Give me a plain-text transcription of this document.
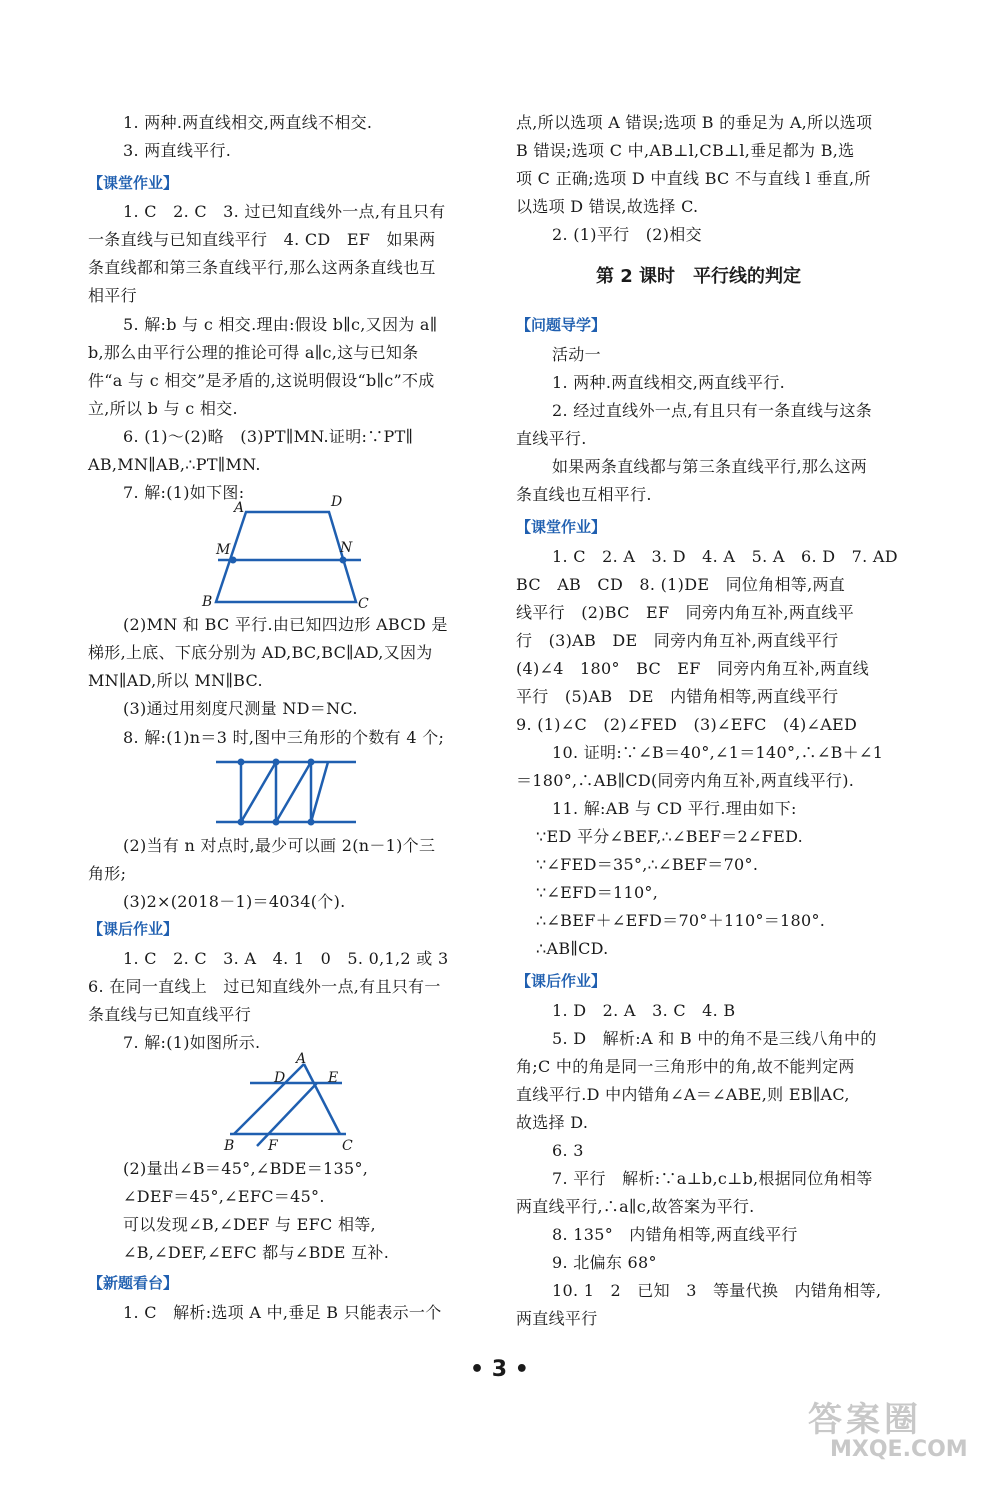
1. 两种.两直线相交,两直线不相交.
3. 两直线平行.
【课堂作业】
1. C　2. C　3. 过已知直线外一点,有且只有
一条直线与已知直线平行　4. CD　EF　如果两
条直线都和第三条直线平行,那么这两条直线也互
相平行
5. 解:b 与 c 相交.理由:假设 b∥c,又因为 a∥
b,那么由平行公理的推论可得 a∥c,这与已知条
件“a 与 c 相交”是矛盾的,这说明假设“b∥c”不成
立,所以 b 与 c 相交.
6. (1)～(2)略　(3)PT∥MN.证明:∵PT∥
AB,MN∥AB,∴PT∥MN.
7. 解:(1)如下图:
A	D
M	N
B	C
(2)MN 和 BC 平行.由已知四边形 ABCD 是
梯形,上底、下底分别为 AD,BC,BC∥AD,又因为
MN∥AD,所以 MN∥BC.
(3)通过用刻度尺测量 ND＝NC.
8. 解:(1)n＝3 时,图中三角形的个数有 4 个;
(2)当有 n 对点时,最少可以画 2(n－1)个三
角形;
(3)2×(2018－1)＝4034(个).
【课后作业】
1. C　2. C　3. A　4. 1　0　5. 0,1,2 或 3
6. 在同一直线上　过已知直线外一点,有且只有一
条直线与已知直线平行
7. 解:(1)如图所示.
A
D	E
B F	C
(2)量出∠B＝45°,∠BDE＝135°,
∠DEF＝45°,∠EFC＝45°.
可以发现∠B,∠DEF 与 EFC 相等,
∠B,∠DEF,∠EFC 都与∠BDE 互补.
【新题看台】
1. C　解析:选项 A 中,垂足 B 只能表示一个
点,所以选项 A 错误;选项 B 的垂足为 A,所以选项
B 错误;选项 C 中,AB⊥l,CB⊥l,垂足都为 B,选
项 C 正确;选项 D 中直线 BC 不与直线 l 垂直,所
以选项 D 错误,故选择 C.
2. (1)平行　(2)相交
第 2 课时　平行线的判定
【问题导学】
活动一
1. 两种.两直线相交,两直线平行.
2. 经过直线外一点,有且只有一条直线与这条
直线平行.
如果两条直线都与第三条直线平行,那么这两
条直线也互相平行.
【课堂作业】
1. C　2. A　3. D　4. A　5. A　6. D　7. AD
BC　AB　CD　8. (1)DE　同位角相等,两直
线平行　(2)BC　EF　同旁内角互补,两直线平
行　(3)AB　DE　同旁内角互补,两直线平行
(4)∠4　180°　BC　EF　同旁内角互补,两直线
平行　(5)AB　DE　内错角相等,两直线平行
9. (1)∠C　(2)∠FED　(3)∠EFC　(4)∠AED
10. 证明:∵∠B＝40°,∠1＝140°,∴∠B＋∠1
＝180°,∴AB∥CD(同旁内角互补,两直线平行).
11. 解:AB 与 CD 平行.理由如下:
∵ED 平分∠BEF,∴∠BEF＝2∠FED.
∵∠FED＝35°,∴∠BEF＝70°.
∵∠EFD＝110°,
∴∠BEF＋∠EFD＝70°＋110°＝180°.
∴AB∥CD.
【课后作业】
1. D　2. A　3. C　4. B
5. D　解析:A 和 B 中的角不是三线八角中的
角;C 中的角是同一三角形中的角,故不能判定两
直线平行.D 中内错角∠A＝∠ABE,则 EB∥AC,
故选择 D.
6. 3
7. 平行　解析:∵a⊥b,c⊥b,根据同位角相等
两直线平行,∴a∥c,故答案为平行.
8. 135°　内错角相等,两直线平行
9. 北偏东 68°
10. 1　2　已知　3　等量代换　内错角相等,
两直线平行
• 3 •
答案圈
MXQE.COM
